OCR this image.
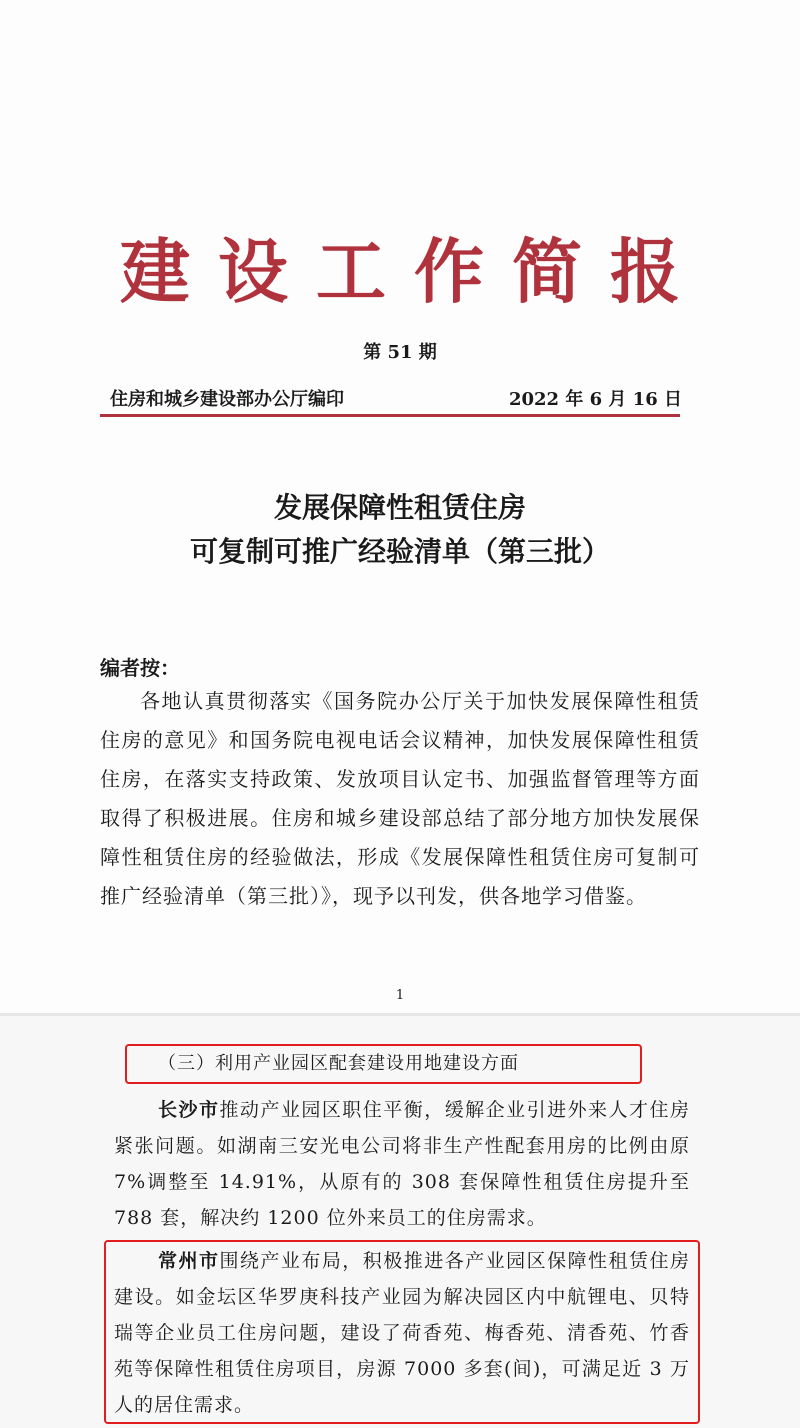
建设工作简报
第 51 期
住房和城乡建设部办公厅编印	2022 年 6 月 16 日
发展保障性租赁住房
可复制可推广经验清单（第三批）
编者按：
各地认真贯彻落实《国务院办公厅关于加快发展保障性租赁住房的意见》和国务院电视电话会议精神，加快发展保障性租赁住房，在落实支持政策、发放项目认定书、加强监督管理等方面取得了积极进展。住房和城乡建设部总结了部分地方加快发展保障性租赁住房的经验做法，形成《发展保障性租赁住房可复制可推广经验清单（第三批）》，现予以刊发，供各地学习借鉴。
1
（三）利用产业园区配套建设用地建设方面
长沙市推动产业园区职住平衡，缓解企业引进外来人才住房紧张问题。如湖南三安光电公司将非生产性配套用房的比例由原 7%调整至 14.91%，从原有的 308 套保障性租赁住房提升至 788 套，解决约 1200 位外来员工的住房需求。
常州市围绕产业布局，积极推进各产业园区保障性租赁住房建设。如金坛区华罗庚科技产业园为解决园区内中航锂电、贝特瑞等企业员工住房问题，建设了荷香苑、梅香苑、清香苑、竹香苑等保障性租赁住房项目，房源 7000 多套(间)，可满足近 3 万人的居住需求。
